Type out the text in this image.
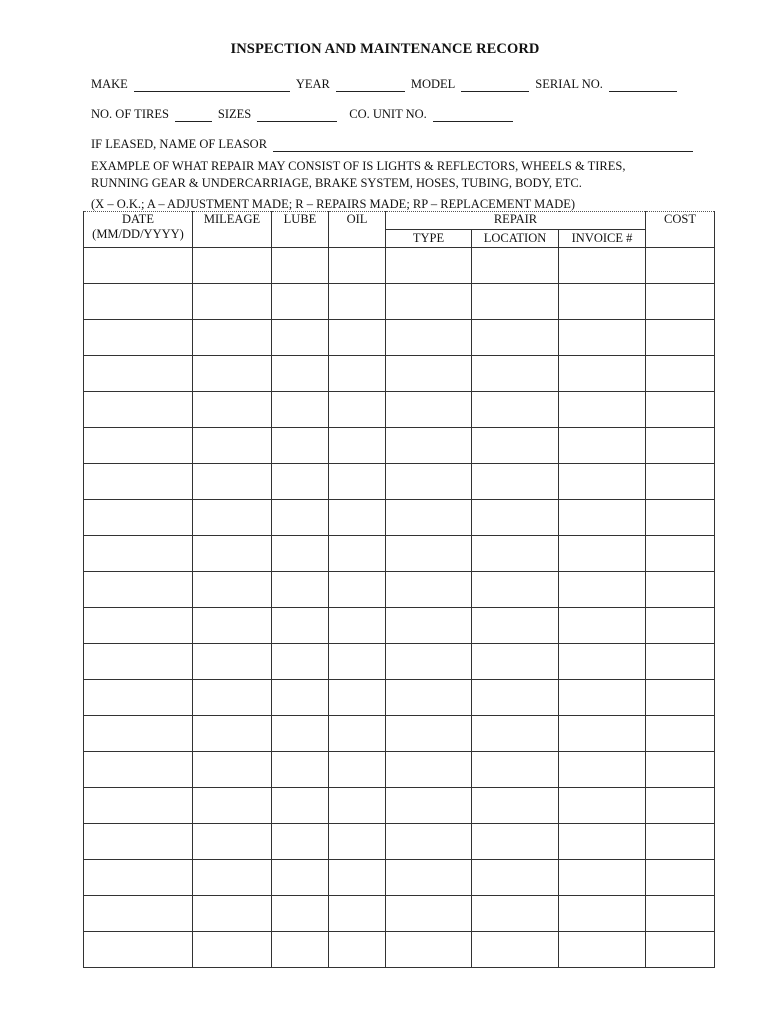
INSPECTION AND MAINTENANCE RECORD
MAKE	YEAR	MODEL	SERIAL NO.
NO. OF TIRES	SIZES	CO. UNIT NO.
IF LEASED, NAME OF LEASOR
EXAMPLE OF WHAT REPAIR MAY CONSIST OF IS LIGHTS & REFLECTORS, WHEELS & TIRES,
RUNNING GEAR & UNDERCARRIAGE, BRAKE SYSTEM, HOSES, TUBING, BODY, ETC.
(X – O.K.; A – ADJUSTMENT MADE; R – REPAIRS MADE; RP – REPLACEMENT MADE)
DATE
(MM/DD/YYYY)	MILEAGE	LUBE	OIL	REPAIR			COST
				TYPE	LOCATION	INVOICE #	
